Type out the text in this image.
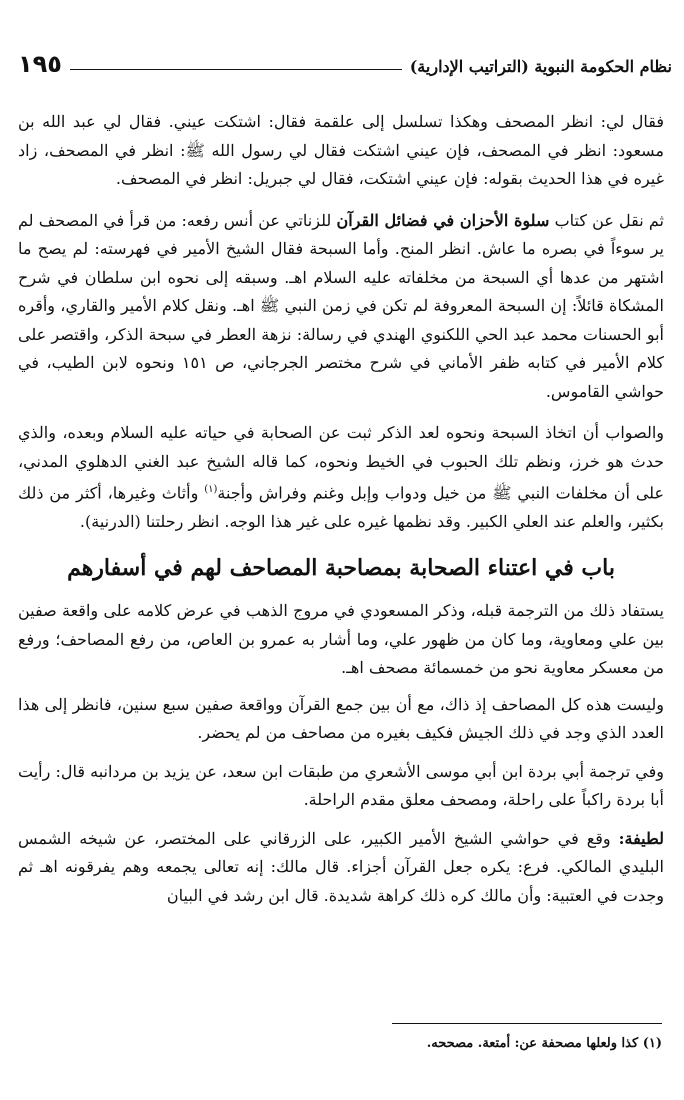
نظام الحكومة النبوية (التراتيب الإدارية)
١٩٥

فقال لي: انظر المصحف وهكذا تسلسل إلى علقمة فقال: اشتكت عيني. فقال لي عبد الله بن مسعود: انظر في المصحف، فإن عيني اشتكت فقال لي رسول الله ﷺ: انظر في المصحف، زاد غيره في هذا الحديث بقوله: فإن عيني اشتكت، فقال لي جبريل: انظر في المصحف.

ثم نقل عن كتاب سلوة الأحزان في فضائل القرآن للزناتي عن أنس رفعه: من قرأ في المصحف لم ير سوءاً في بصره ما عاش. انظر المنح. وأما السبحة فقال الشيخ الأمير في فهرسته: لم يصح ما اشتهر من عدها أي السبحة من مخلفاته عليه السلام اهـ. وسبقه إلى نحوه ابن سلطان في شرح المشكاة قائلاً: إن السبحة المعروفة لم تكن في زمن النبي ﷺ اهـ. ونقل كلام الأمير والقاري، وأقره أبو الحسنات محمد عبد الحي اللكنوي الهندي في رسالة: نزهة العطر في سبحة الذكر، واقتصر على كلام الأمير في كتابه ظفر الأماني في شرح مختصر الجرجاني، ص ١٥١ ونحوه لابن الطيب، في حواشي القاموس.

والصواب أن اتخاذ السبحة ونحوه لعد الذكر ثبت عن الصحابة في حياته عليه السلام وبعده، والذي حدث هو خرز، ونظم تلك الحبوب في الخيط ونحوه، كما قاله الشيخ عبد الغني الدهلوي المدني، على أن مخلفات النبي ﷺ من خيل ودواب وإبل وغنم وفراش وأجنة$^{(١)}$ وأثاث وغيرها، أكثر من ذلك بكثير، والعلم عند العلي الكبير. وقد نظمها غيره على غير هذا الوجه. انظر رحلتنا (الدرنية).

باب في اعتناء الصحابة بمصاحبة المصاحف لهم في أسفارهم

يستفاد ذلك من الترجمة قبله، وذكر المسعودي في مروج الذهب في عرض كلامه على واقعة صفين بين علي ومعاوية، وما كان من ظهور علي، وما أشار به عمرو بن العاص، من رفع المصاحف؛ ورفع من معسكر معاوية نحو من خمسمائة مصحف اهـ.

وليست هذه كل المصاحف إذ ذاك، مع أن بين جمع القرآن وواقعة صفين سبع سنين، فانظر إلى هذا العدد الذي وجد في ذلك الجيش فكيف بغيره من مصاحف من لم يحضر.

وفي ترجمة أبي بردة ابن أبي موسى الأشعري من طبقات ابن سعد، عن يزيد بن مردانبه قال: رأيت أبا بردة راكباً على راحلة، ومصحف معلق مقدم الراحلة.

لطيفة: وقع في حواشي الشيخ الأمير الكبير، على الزرقاني على المختصر، عن شيخه الشمس البليدي المالكي. فرع: يكره جعل القرآن أجزاء. قال مالك: إنه تعالى يجمعه وهم يفرقونه اهـ ثم وجدت في العتبية: وأن مالك كره ذلك كراهة شديدة. قال ابن رشد في البيان

(١) كذا ولعلها مصحفة عن: أمتعة. مصححه.
